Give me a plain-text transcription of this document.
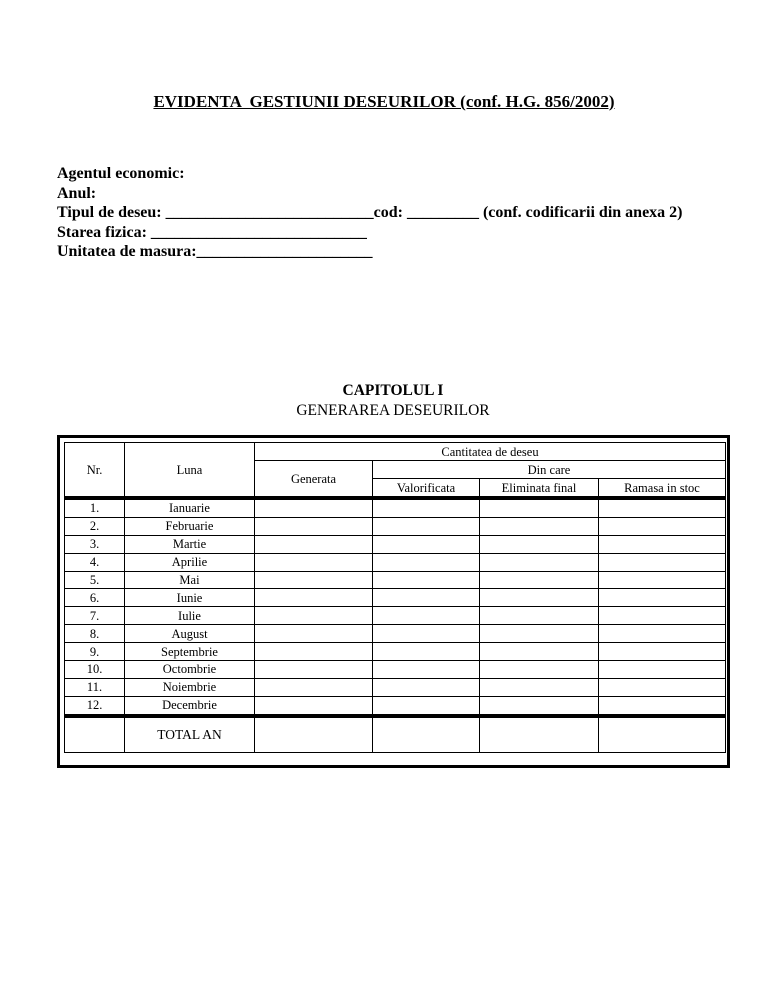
EVIDENTA  GESTIUNII DESEURILOR (conf. H.G. 856/2002)
Agentul economic:
Anul:
Tipul de deseu: __________________________cod: _________ (conf. codificarii din anexa 2)
Starea fizica: ___________________________
Unitatea de masura:______________________
CAPITOLUL I
GENERAREA DESEURILOR
Nr.	Luna	Cantitatea de deseu			
		Generata	Din care		
			Valorificata	Eliminata final	Ramasa in stoc
1.	Ianuarie				
2.	Februarie				
3.	Martie				
4.	Aprilie				
5.	Mai				
6.	Iunie				
7.	Iulie				
8.	August				
9.	Septembrie				
10.	Octombrie				
11.	Noiembrie				
12.	Decembrie				
	TOTAL AN				
